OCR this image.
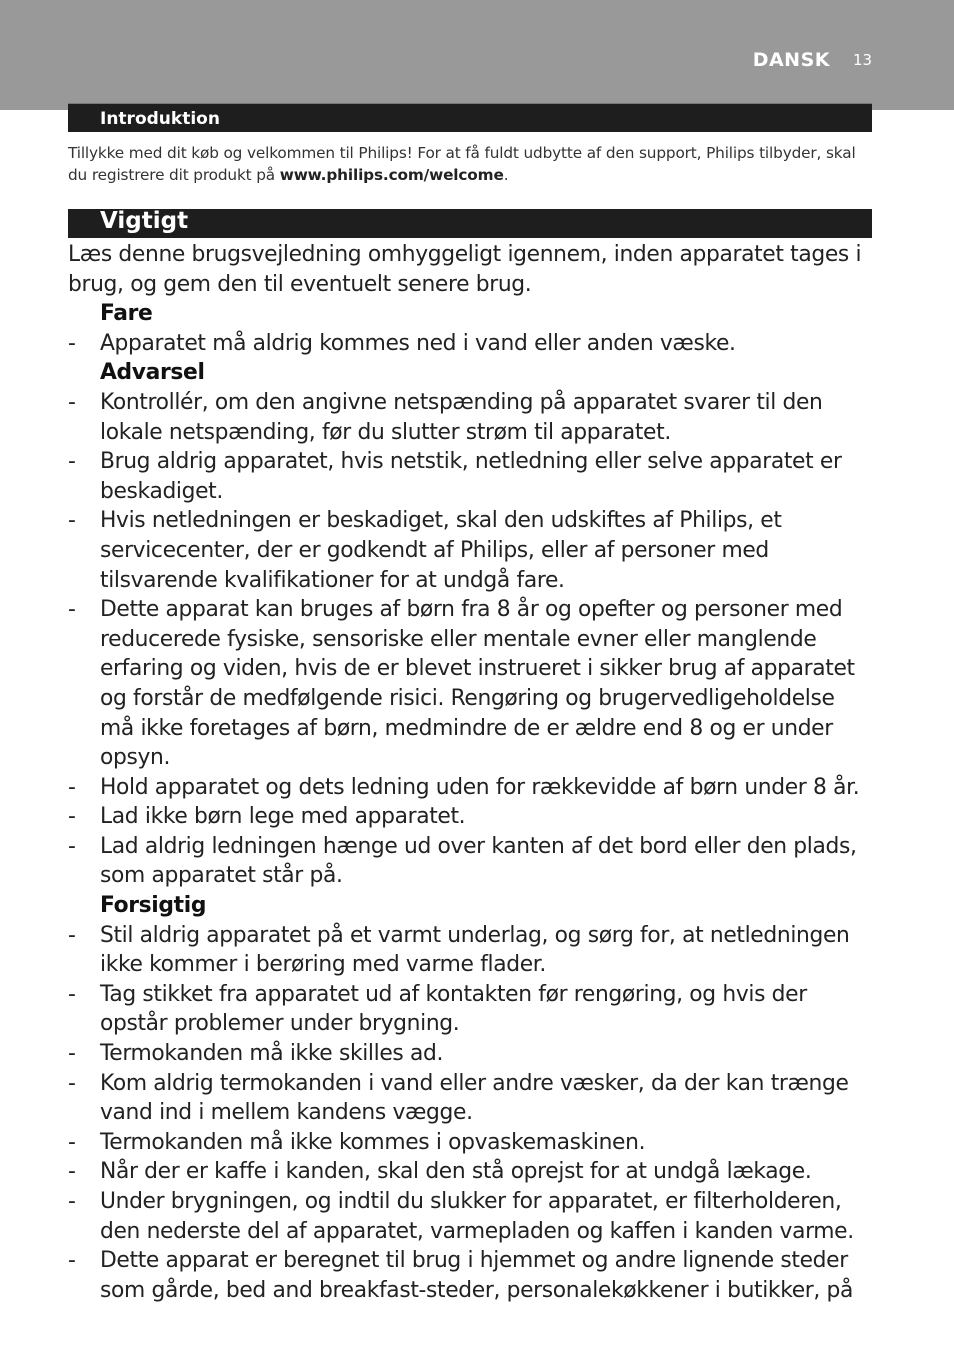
DANSK 13
Introduktion
Tillykke med dit køb og velkommen til Philips! For at få fuldt udbytte af den support, Philips tilbyder, skal du registrere dit produkt på www.philips.com/welcome.
Vigtigt

Læs denne brugsvejledning omhyggeligt igennem, inden apparatet tages i brug, og gem den til eventuelt senere brug.

Fare

- Apparatet må aldrig kommes ned i vand eller anden væske.

Advarsel

- Kontrollér, om den angivne netspænding på apparatet svarer til den lokale netspænding, før du slutter strøm til apparatet.
- Brug aldrig apparatet, hvis netstik, netledning eller selve apparatet er beskadiget.
- Hvis netledningen er beskadiget, skal den udskiftes af Philips, et servicecenter, der er godkendt af Philips, eller af personer med tilsvarende kvalifikationer for at undgå fare.
- Dette apparat kan bruges af børn fra 8 år og opefter og personer med reducerede fysiske, sensoriske eller mentale evner eller manglende erfaring og viden, hvis de er blevet instrueret i sikker brug af apparatet og forstår de medfølgende risici. Rengøring og brugervedligeholdelse må ikke foretages af børn, medmindre de er ældre end 8 og er under opsyn.
- Hold apparatet og dets ledning uden for rækkevidde af børn under 8 år.
- Lad ikke børn lege med apparatet.
- Lad aldrig ledningen hænge ud over kanten af det bord eller den plads, som apparatet står på.

Forsigtig

- Stil aldrig apparatet på et varmt underlag, og sørg for, at netledningen ikke kommer i berøring med varme flader.
- Tag stikket fra apparatet ud af kontakten før rengøring, og hvis der opstår problemer under brygning.
- Termokanden må ikke skilles ad.
- Kom aldrig termokanden i vand eller andre væsker, da der kan trænge vand ind i mellem kandens vægge.
- Termokanden må ikke kommes i opvaskemaskinen.
- Når der er kaffe i kanden, skal den stå oprejst for at undgå lækage.
- Under brygningen, og indtil du slukker for apparatet, er filterholderen, den nederste del af apparatet, varmepladen og kaffen i kanden varme.
- Dette apparat er beregnet til brug i hjemmet og andre lignende steder som gårde, bed and breakfast-steder, personalekøkkener i butikker, på
